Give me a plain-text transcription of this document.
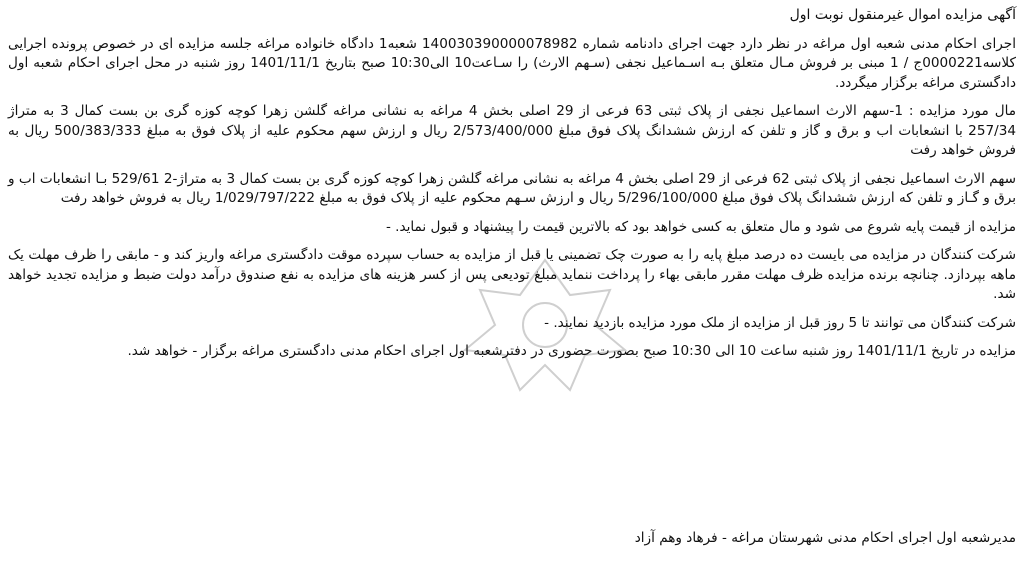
آگهی مزایده اموال غیرمنقول نوبت اول
اجرای احکام مدنی شعبه اول مراغه در نظر دارد جهت اجرای دادنامه شماره 140030390000078982 شعبه1 دادگاه خانواده مراغه جلسه مزایده ای در خصوص پرونده اجرایی کلاسه0000221ج / 1 مبنی بر فروش مـال متعلق بـه اسـماعیل نجفی (سـهم الارث) را سـاعت10 الی10:30 صبح بتاریخ 1401/11/1 روز شنبه در محل اجرای احکام شعبه اول دادگستری مراغه برگزار میگردد.
مال مورد مزایده : 1-سهم الارث اسماعیل نجفی از پلاک ثبتی 63 فرعی از 29 اصلی بخش 4 مراغه به نشانی مراغه گلشن زهرا کوچه کوزه گری بن بست کمال 3 به متراژ 257/34 با انشعابات اب و برق و گاز و تلفن که ارزش ششدانگ پلاک فوق مبلغ 2/573/400/000 ریال و ارزش سهم محکوم علیه از پلاک فوق به مبلغ 500/383/333 ریال به فروش خواهد رفت
سهم الارث اسماعیل نجفی از پلاک ثبتی 62 فرعی از 29 اصلی بخش 4 مراغه به نشانی مراغه گلشن زهرا کوچه کوزه گری بن بست کمال 3 به متراژ-2 529/61 بـا انشعابات اب و برق و گـاز و تلفن که ارزش ششدانگ پلاک فوق مبلغ 5/296/100/000 ریال و ارزش سـهم محکوم علیه از پلاک فوق به مبلغ 1/029/797/222 ریال به فروش خواهد رفت
مزایده از قیمت پایه شروع می شود و مال متعلق به کسی خواهد بود که بالاترین قیمت را پیشنهاد و قبول نماید. -
شرکت کنندگان در مزایده می بایست ده درصد مبلغ پایه را به صورت چک تضمینی یا قبل از مزایده به حساب سپرده موقت دادگستری مراغه واریز کند و - مابقی را ظرف مهلت یک ماهه بپردازد. چنانچه برنده مزایده ظرف مهلت مقرر مابقی بهاء را پرداخت ننماید مبلغ تودیعی پس از کسر هزینه های مزایده به نفع صندوق درآمد دولت ضبط و مزایده تجدید خواهد شد.
شرکت کنندگان می توانند تا 5 روز قبل از مزایده از ملک مورد مزایده بازدید نمایند. -
مزایده در تاریخ 1401/11/1 روز شنبه ساعت 10 الی 10:30 صبح بصورت حضوری در دفترشعبه اول اجرای احکام مدنی دادگستری مراغه برگزار - خواهد شد.
مدیرشعبه اول اجرای احکام مدنی شهرستان مراغه - فرهاد وهم آزاد
